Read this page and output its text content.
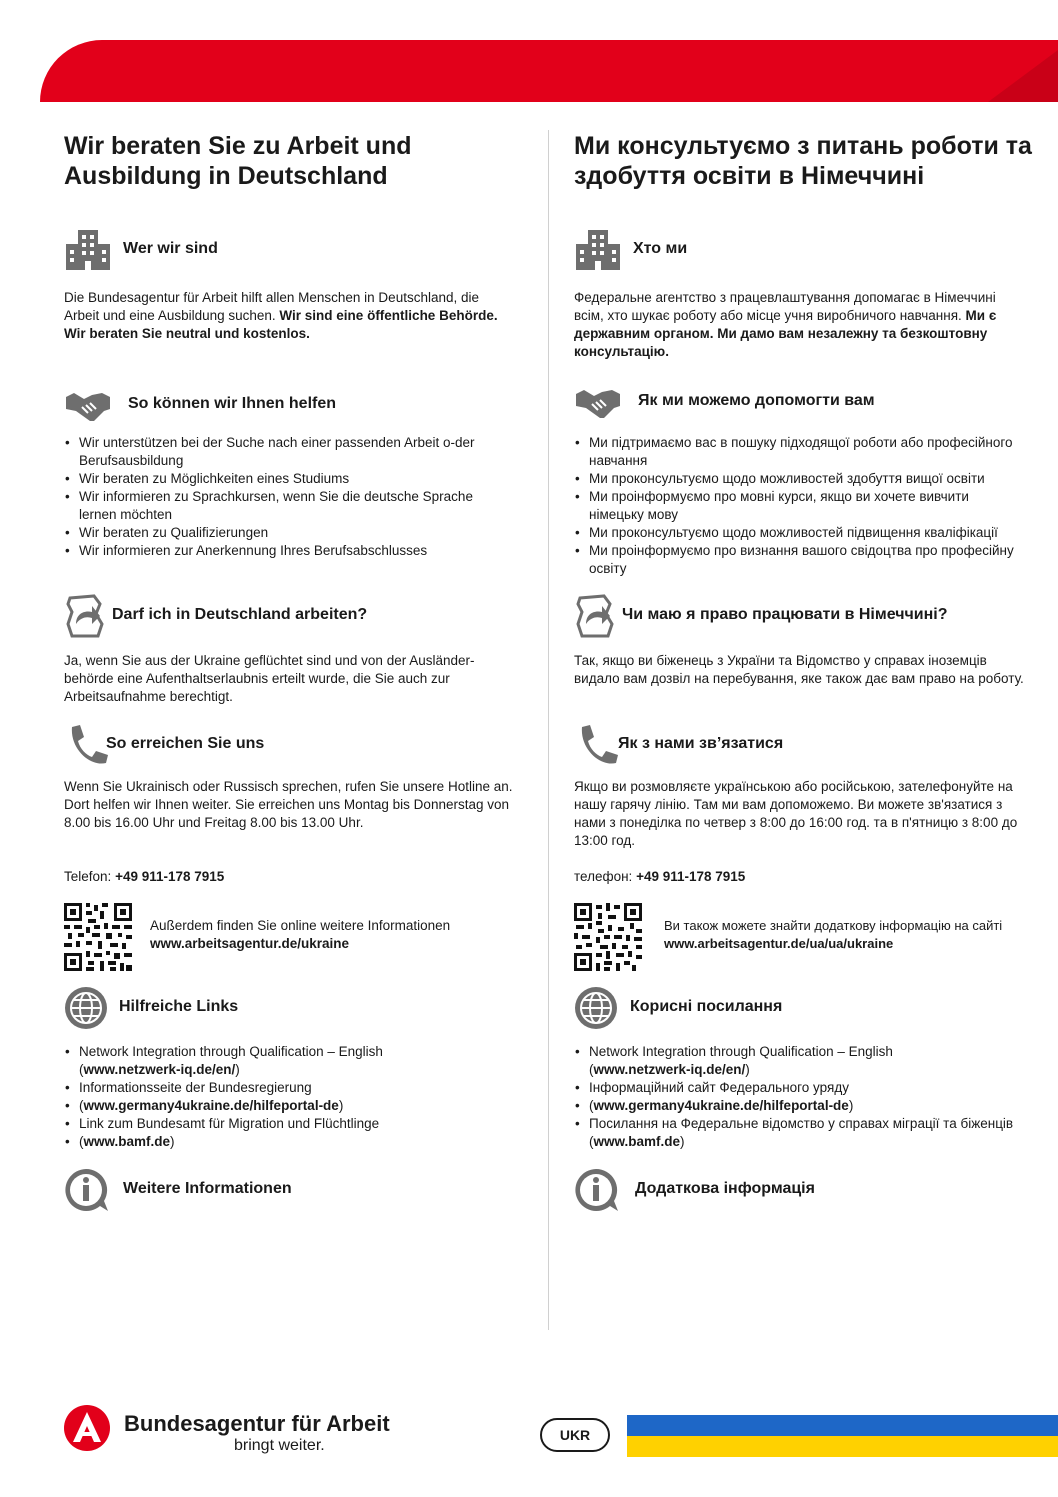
Wir beraten Sie zu Arbeit und Ausbildung in Deutschland
Wer wir sind

Die Bundesagentur für Arbeit hilft allen Menschen in Deutschland, die Arbeit und eine Ausbildung suchen. Wir sind eine öffentliche Behörde. Wir beraten Sie neutral und kostenlos.

So können wir Ihnen helfen
• Wir unterstützen bei der Suche nach einer passenden Arbeit o-der Berufsausbildung
• Wir beraten zu Möglichkeiten eines Studiums
• Wir informieren zu Sprachkursen, wenn Sie die deutsche Sprache lernen möchten
• Wir beraten zu Qualifizierungen
• Wir informieren zur Anerkennung Ihres Berufsabschlusses
Darf ich in Deutschland arbeiten?

Ja, wenn Sie aus der Ukraine geflüchtet sind und von der Ausländer-behörde eine Aufenthaltserlaubnis erteilt wurde, die Sie auch zur Arbeitsaufnahme berechtigt.

So erreichen Sie uns

Wenn Sie Ukrainisch oder Russisch sprechen, rufen Sie unsere Hotline an. Dort helfen wir Ihnen weiter. Sie erreichen uns Montag bis Donnerstag von 8.00 bis 16.00 Uhr und Freitag 8.00 bis 13.00 Uhr.

Telefon: +49 911-178 7915
Außerdem finden Sie online weitere Informationen
www.arbeitsagentur.de/ukraine
Hilfreiche Links
• Network Integration through Qualification – English
(www.netzwerk-iq.de/en/)
• Informationsseite der Bundesregierung
• (www.germany4ukraine.de/hilfeportal-de)
• Link zum Bundesamt für Migration und Flüchtlinge
• (www.bamf.de)
Weitere Informationen
Ми консультуємо з питань роботи та здобуття освіти в Німеччині
Хто ми

Федеральне агентство з працевлаштування допомагає в Німеччині всім, хто шукає роботу або місце учня виробничого навчання. Ми є державним органом. Ми дамо вам незалежну та безкоштовну консультацію.

Як ми можемо допомогти вам
• Ми підтримаємо вас в пошуку підходящої роботи або професійного навчання
• Ми проконсультуємо щодо можливостей здобуття вищої освіти
• Ми проінформуємо про мовні курси, якщо ви хочете вивчити німецьку мову
• Ми проконсультуємо щодо можливостей підвищення кваліфікації
• Ми проінформуємо про визнання вашого свідоцтва про професійну освіту
Чи маю я право працювати в Німеччині?

Так, якщо ви біженець з України та Відомство у справах іноземців видало вам дозвіл на перебування, яке також дає вам право на роботу.

Як з нами зв’язатися

Якщо ви розмовляєте українською або російською, зателефонуйте на нашу гарячу лінію. Там ми вам допоможемо. Ви можете зв'язатися з нами з понеділка по четвер з 8:00 до 16:00 год. та в п'ятницю з 8:00 до 13:00 год.

телефон: +49 911-178 7915
Ви також можете знайти додаткову інформацію на сайті
www.arbeitsagentur.de/ua/ua/ukraine
Корисні посилання
• Network Integration through Qualification – English
(www.netzwerk-iq.de/en/)
• Інформаційний сайт Федерального уряду
• (www.germany4ukraine.de/hilfeportal-de)
• Посилання на Федеральне відомство у справах міграції та біженців (www.bamf.de)
Додаткова інформація
Bundesagentur für Arbeit
bringt weiter.
UKR
